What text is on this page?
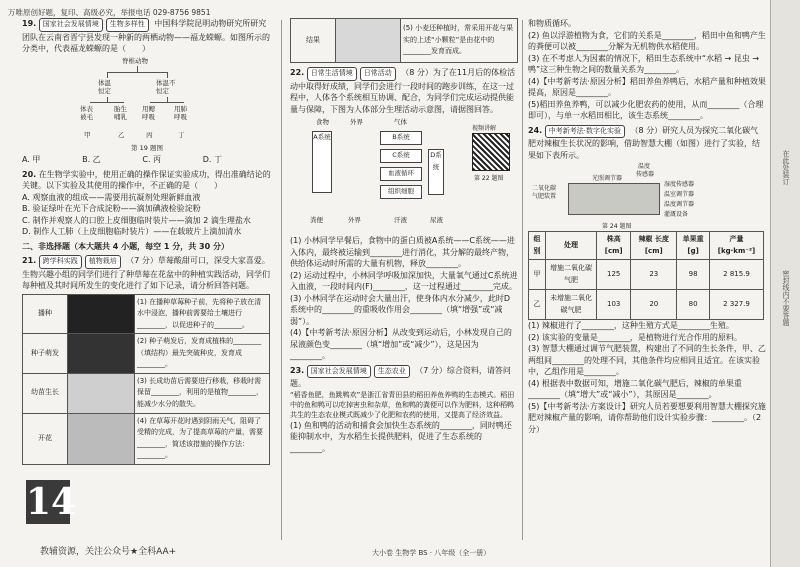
万唯原创好题，复印、高级必究，举报电话 029-8756 9851
19. 国家社会发展情境 生物多样性 中国科学院昆明动物研究所研究团队在云南省晋宁县发现一种新的两栖动物——福龙蝾螈。如图所示的分类中，代表福龙蝾螈的是（　　）
脊椎动物
体温恒定
体温不恒定
体表被毛
胎生哺乳
用鳃呼吸
用肺呼吸
甲	乙	丙	丁
第 19 题图
A. 甲	B. 乙	C. 丙	D. 丁
20. 在生物学实验中，使用正确的操作保证实验成功，得出准确结论的关键。以下实验及其使用的操作中，不正确的是（　　）
A. 观察血液的组成——需要用抗凝剂处理新鲜血液
B. 验证绿叶在光下合成淀粉——滴加碘液检验淀粉
C. 制作并观察人的口腔上皮细胞临时装片——滴加 2 滴生理盐水
D. 制作人工肺（上皮细胞临时装片）——在载玻片上滴加清水
二、非选择题（本大题共 4 小题，每空 1 分，共 30 分）
21. 跨学科实践 植物栽培 （7 分）草莓酸甜可口，深受大家喜爱。生物兴趣小组的同学们进行了种草莓在花盆中的种植实践活动，同学们每种植及其时间所发生的变化进行了如下记录，请分析回答问题。
播种		(1) 在播种草莓种子前，先将种子放在清水中浸泡，播种前需要给土壤进行________，以促进种子的________。
种子萌发		(2) 种子萌发后，发育成植株的________（填结构）最先突破种皮，发育成________。
幼苗生长		(3) 长成幼苗后需要进行移栽，移栽时需保留________，利用的是植物________，能减少水分的散失。
开花		(4) 在草莓开花时遇到阴雨天气，阻碍了受精的完成，为了提高草莓的产量，需要________，简述该措施的操作方法：________。
14
结果		(5) 小麦还种植时，常采用开花与果实的上述“小颗粒”是由花中的________发育而成。
22. 日常生活情境 日常活动 （8 分）为了在11月后的体检活动中取得好成绩，同学们会进行一段时间的跑步训练，在这一过程中，人体各个系统相互协调、配合，为同学们完成运动提供能量与保障，下图为人体部分生理活动示意图，请据图回答。
食物	外界	气体
A系统	B系统
C系统	D系统
血液循环
组织细胞
粪便	外界	汗液	尿液
视频讲解
第 22 题图
(1) 小林同学早餐后，食物中的蛋白质被A系统——C系统——进入体内，最终被运输到________进行消化，其分解的最终产物，供给体运动时所需的大量有机物，释放________。
(2) 运动过程中，小林同学呼吸加深加快，大量氧气通过C系统进入血液，一段时间内(F)________，这一过程通过________完成。
(3) 小林同学在运动时会大量出汗，使身体内水分减少，此时D系统中的________的重吸收作用会________（填“增强”或“减弱”）。
(4)【中考新考法·原因分析】从改变到运动后，小林发现自己的尿液颜色变________（填“增加”或“减少”），这是因为________。
23. 国家社会发展情境 生态农业 （7 分）综合资料，请答问题。
“稻香鱼肥，鱼跳鸭欢”是浙江省青田县的稻田养鱼养鸭的生态模式。稻田中的鱼和鸭可以吃掉害虫和杂草，鱼和鸭的粪便可以作为肥料，这种稻鸭共生的生态农业模式既减少了化肥和农药的使用，又提高了经济效益。
(1) 鱼和鸭的活动和捕食会加快生态系统的________，同时鸭还能抑制水中，为水稻生长提供肥料，促进了生态系统的________。
和物质循环。
(2) 鱼以浮游植物为食，它们的关系是________，稻田中鱼和鸭产生的粪便可以被________分解为无机物供水稻使用。
(3) 在不考虑人为因素的情况下，稻田生态系统中“水稻 → 昆虫 → 鸭”这三种生物之间的数量关系为________。
(4)【中考新考法·原因分析】稻田养鱼养鸭后，水稻产量和种植效果提高，原因是________。
(5)稻田养鱼养鸭，可以减少化肥农药的使用，从而________（合理即可），与单一水稻田相比，该生态系统________。
24. 中考新考法·数字化实验 （8 分）研究人员为探究二氧化碳气肥对辣椒生长状况的影响，借助智慧大棚（如图）进行了实验，结果如下表所示。
温度
传感器
光照调节器
湿度传感器
二氧化碳
气肥装置	温室调节器
温度调节器
灌溉设备
第 24 题图
组别	处理	株高 [cm]	辣椒 长度 [cm]	单果重 [g]	产量 [kg·km⁻²]
甲	增施二氧化碳气肥	125	23	98	2 815.9
乙	未增施二氧化碳气肥	103	20	80	2 327.9
(1) 辣椒进行了________，这种生殖方式是________生殖。
(2) 该实验的变量是________，是植物进行光合作用的原料。
(3) 智慧大棚通过调节气肥装置，构建出了不同的生长条件，甲、乙两组间________的处理不同，其他条件均应相同且适宜。在该实验中，乙组作用是________。
(4) 根据表中数据可知，增施二氧化碳气肥后，辣椒的单果重________（填“增大”或“减小”），其原因是________。
(5)【中考新考法·方案设计】研究人员若要想要利用智慧大棚探究施肥对辣椒产量的影响，请你帮助他们设计实验步骤：________。（2 分）
教辅资源，关注公众号★全科AA+	大小卷 生物学 BS · 八年级（全一册）
在此处装订
密封线内不要答题
